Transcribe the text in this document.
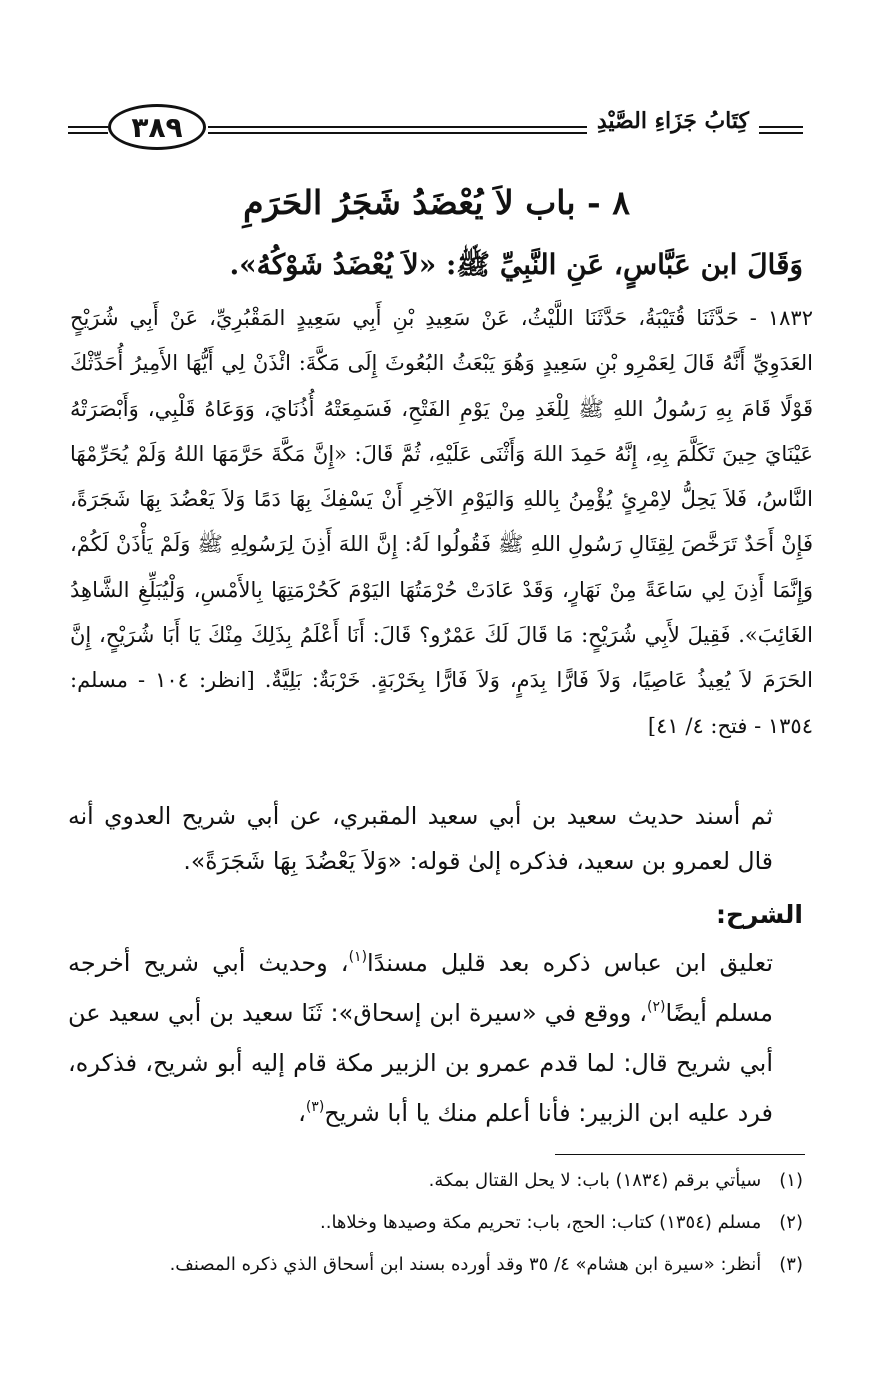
كِتَابُ جَزَاءِ الصَّيْدِ
٣٨٩
٨ - باب لاَ يُعْضَدُ شَجَرُ الحَرَمِ
وَقَالَ ابن عَبَّاسٍ، عَنِ النَّبِيِّ ﷺ: «لاَ يُعْضَدُ شَوْكُهُ».

١٨٣٢ - حَدَّثَنَا قُتَيْبَةُ، حَدَّثَنَا اللَّيْثُ، عَنْ سَعِيدِ بْنِ أَبِي سَعِيدٍ المَقْبُرِيِّ، عَنْ أَبِي شُرَيْحٍ العَدَوِيِّ أَنَّهُ قَالَ لِعَمْرِو بْنِ سَعِيدٍ وَهُوَ يَبْعَثُ البُعُوثَ إِلَى مَكَّةَ: ائْذَنْ لِي أَيُّهَا الأَمِيرُ أُحَدِّثْكَ قَوْلًا قَامَ بِهِ رَسُولُ اللهِ ﷺ لِلْغَدِ مِنْ يَوْمِ الفَتْحِ، فَسَمِعَتْهُ أُذُنَايَ، وَوَعَاهُ قَلْبِي، وَأَبْصَرَتْهُ عَيْنَايَ حِينَ تَكَلَّمَ بِهِ، إِنَّهُ حَمِدَ اللهَ وَأَثْنَى عَلَيْهِ، ثُمَّ قَالَ: «إِنَّ مَكَّةَ حَرَّمَهَا اللهُ وَلَمْ يُحَرِّمْهَا النَّاسُ، فَلاَ يَحِلُّ لاِمْرِئٍ يُؤْمِنُ بِاللهِ وَاليَوْمِ الآخِرِ أَنْ يَسْفِكَ بِهَا دَمًا وَلاَ يَعْضُدَ بِهَا شَجَرَةً، فَإِنْ أَحَدٌ تَرَخَّصَ لِقِتَالِ رَسُولِ اللهِ ﷺ فَقُولُوا لَهُ: إِنَّ اللهَ أَذِنَ لِرَسُولِهِ ﷺ وَلَمْ يَأْذَنْ لَكُمْ، وَإِنَّمَا أَذِنَ لِي سَاعَةً مِنْ نَهَارٍ، وَقَدْ عَادَتْ حُرْمَتُهَا اليَوْمَ كَحُرْمَتِهَا بِالأَمْسِ، وَلْيُبَلِّغِ الشَّاهِدُ الغَائِبَ». فَقِيلَ لأَبِي شُرَيْحٍ: مَا قَالَ لَكَ عَمْرٌو؟ قَالَ: أَنَا أَعْلَمُ بِذَلِكَ مِنْكَ يَا أَبَا شُرَيْحٍ، إِنَّ الحَرَمَ لاَ يُعِيذُ عَاصِيًا، وَلاَ فَارًّا بِدَمٍ، وَلاَ فَارًّا بِخَرْبَةٍ. خَرْبَةٌ: بَلِيَّةٌ. [انظر: ١٠٤ - مسلم: ١٣٥٤ - فتح: ٤/ ٤١]

ثم أسند حديث سعيد بن أبي سعيد المقبري، عن أبي شريح العدوي أنه قال لعمرو بن سعيد، فذكره إلىٰ قوله: «وَلاَ يَعْضُدَ بِهَا شَجَرَةً».

الشرح:

تعليق ابن عباس ذكره بعد قليل مسندًا$^{(١)}$، وحديث أبي شريح أخرجه مسلم أيضًا$^{(٢)}$، ووقع في «سيرة ابن إسحاق»: ثَنَا سعيد بن أبي سعيد عن أبي شريح قال: لما قدم عمرو بن الزبير مكة قام إليه أبو شريح، فذكره، فرد عليه ابن الزبير: فأنا أعلم منك يا أبا شريح$^{(٣)}$،

(١) سيأتي برقم (١٨٣٤) باب: لا يحل القتال بمكة.
(٢) مسلم (١٣٥٤) كتاب: الحج، باب: تحريم مكة وصيدها وخلاها..
(٣) أنظر: «سيرة ابن هشام» ٤/ ٣٥ وقد أورده بسند ابن أسحاق الذي ذكره المصنف.
